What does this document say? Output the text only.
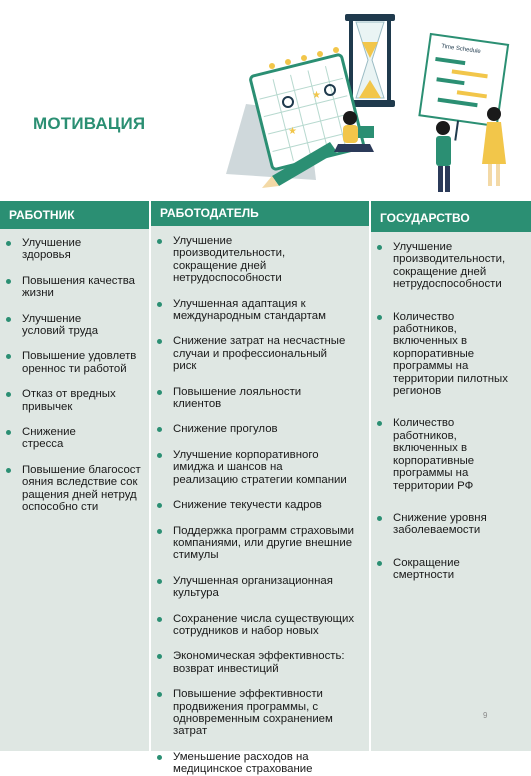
МОТИВАЦИЯ
★
★
Time Schedule
РАБОТНИК
Улучшение здоровья
Повышения качества жизни
Улучшение условий труда
Повышение удовлетвореннос ти работой
Отказ от вредных привычек
Снижение стресса
Повышение благосостояния вследствие сокращения дней нетрудоспособно сти
РАБОТОДАТЕЛЬ
Улучшение производительности, сокращение дней нетрудоспособности
Улучшенная адаптация к международным стандартам
Снижение затрат на несчастные случаи и профессиональный риск
Повышение лояльности клиентов
Снижение прогулов
Улучшение корпоративного имиджа и шансов на реализацию стратегии компании
Снижение текучести кадров
Поддержка программ страховыми компаниями, или другие внешние стимулы
Улучшенная организационная культура
Сохранение числа существующих сотрудников и набор новых
Экономическая эффективность: возврат инвестиций
Повышение эффективности продвижения программы, с одновременным сохранением затрат
Уменьшение расходов на медицинское страхование
ГОСУДАРСТВО
Улучшение производительности, сокращение дней нетрудоспособности
Количество работников, включенных в корпоративные программы на территории пилотных регионов
Количество работников, включенных в корпоративные программы на территории РФ
Снижение уровня заболеваемости
Сокращение смертности
9
